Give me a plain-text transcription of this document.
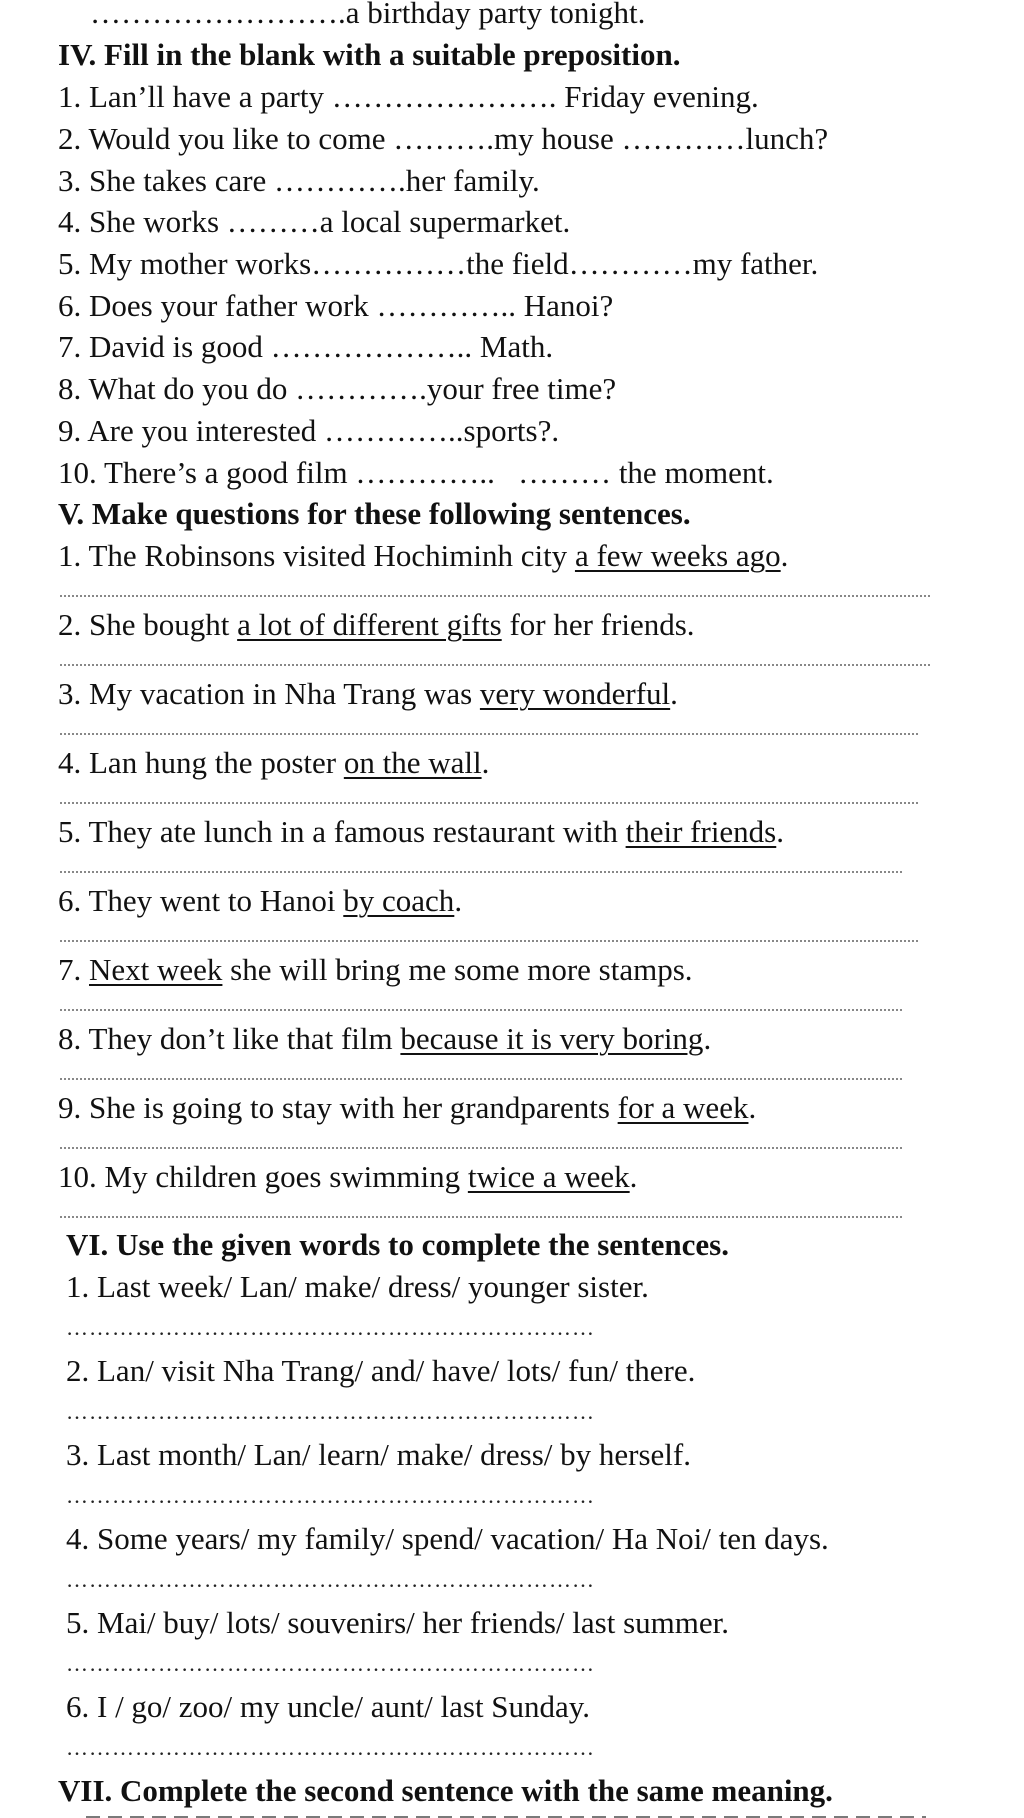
…………………….a birthday party tonight.
IV. Fill in the blank with a suitable preposition.
1. Lan’ll have a party …………………. Friday evening.
2. Would you like to come ……….my house …………lunch?
3. She takes care ………….her family.
4. She works ………a local supermarket.
5. My mother works……………the field…………my father.
6. Does your father work ………….. Hanoi?
7. David is good ……………….. Math.
8. What do you do ………….your free time?
9. Are you interested …………..sports?.
10. There’s a good film …………..   ……… the moment.
V. Make questions for these following sentences.
1. The Robinsons visited Hochiminh city a few weeks ago.
2. She bought a lot of different gifts for her friends.
3. My vacation in Nha Trang was very wonderful.
4. Lan hung the poster on the wall.
5. They ate lunch in a famous restaurant with their friends.
6. They went to Hanoi by coach.
7. Next week she will bring me some more stamps.
8. They don’t like that film because it is very boring.
9. She is going to stay with her grandparents for a week.
10. My children goes swimming twice a week.
VI. Use the given words to complete the sentences.
1. Last week/ Lan/ make/ dress/ younger sister.
……………………………………………………………
2. Lan/ visit Nha Trang/ and/ have/ lots/ fun/ there.
……………………………………………………………
3. Last month/ Lan/ learn/ make/ dress/ by herself.
……………………………………………………………
4. Some years/ my family/ spend/ vacation/ Ha Noi/ ten days.
……………………………………………………………
5. Mai/ buy/ lots/ souvenirs/ her friends/ last summer.
……………………………………………………………
6. I / go/ zoo/ my uncle/ aunt/ last Sunday.
……………………………………………………………
VII. Complete the second sentence with the same meaning.
